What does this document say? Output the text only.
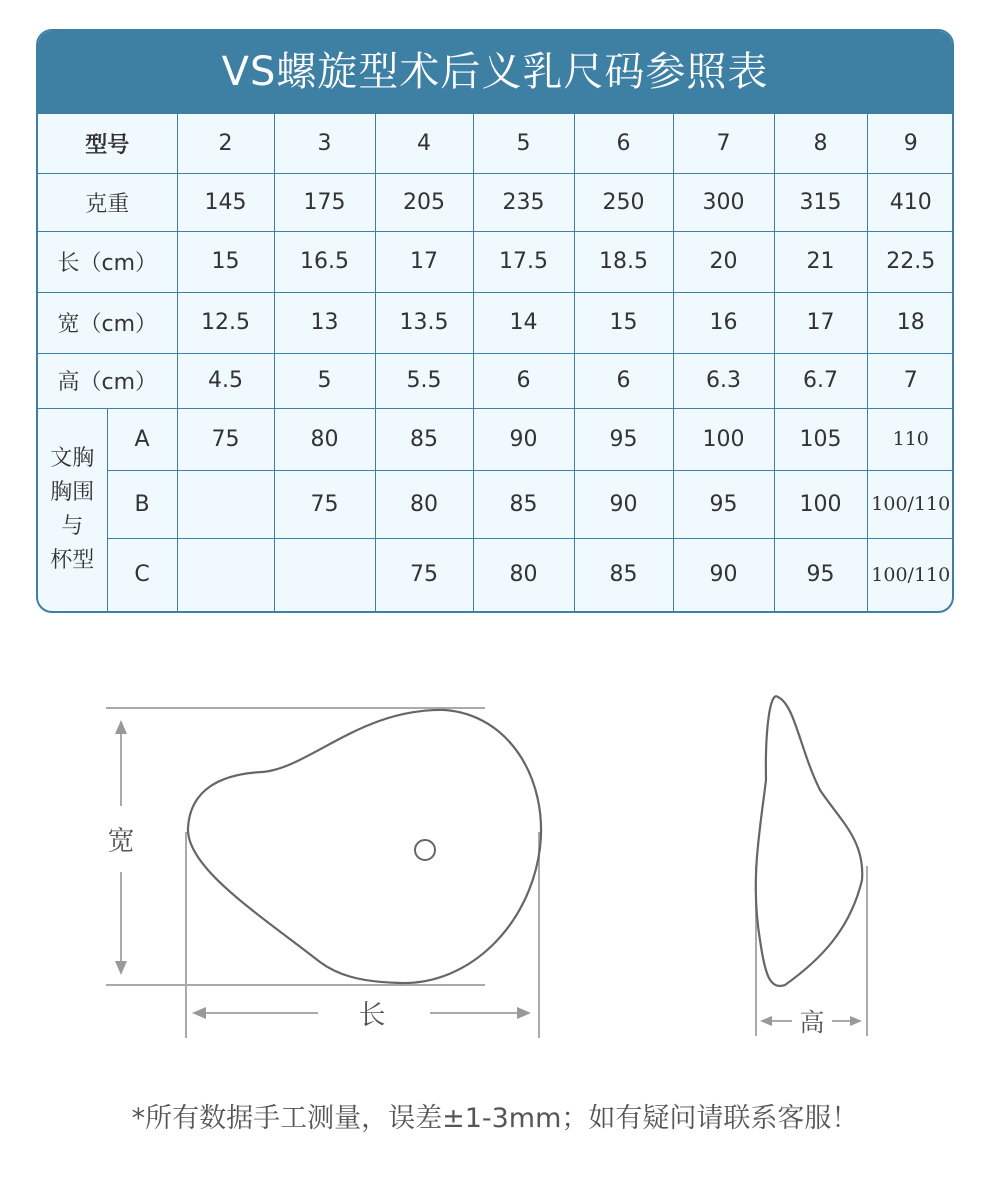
VS螺旋型术后义乳尺码参照表
型号		2	3	4	5	6	7	8	9
克重		145	175	205	235	250	300	315	410
长（cm）		15	16.5	17	17.5	18.5	20	21	22.5
宽（cm）		12.5	13	13.5	14	15	16	17	18
高（cm）		4.5	5	5.5	6	6	6.3	6.7	7

文胸
胸围
与
杯型	A	75	80	85	90	95	100	105	110
	B		75	80	85	90	95	100	100/110
	C			75	80	85	90	95	100/110
宽
长	高
*所有数据手工测量，误差±1-3mm；如有疑问请联系客服！
